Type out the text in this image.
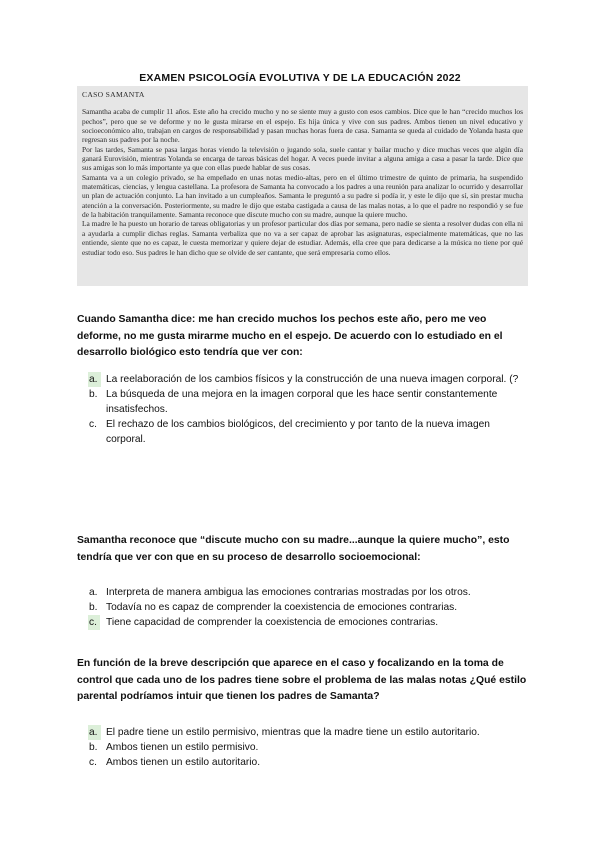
EXAMEN PSICOLOGÍA EVOLUTIVA Y DE LA EDUCACIÓN 2022
CASO SAMANTA

Samantha acaba de cumplir 11 años. Este año ha crecido mucho y no se siente muy a gusto con esos cambios. Dice que le han “crecido muchos los pechos”, pero que se ve deforme y no le gusta mirarse en el espejo. Es hija única y vive con sus padres. Ambos tienen un nivel educativo y socioeconómico alto, trabajan en cargos de responsabilidad y pasan muchas horas fuera de casa. Samanta se queda al cuidado de Yolanda hasta que regresan sus padres por la noche.

Por las tardes, Samanta se pasa largas horas viendo la televisión o jugando sola, suele cantar y bailar mucho y dice muchas veces que algún día ganará Eurovisión, mientras Yolanda se encarga de tareas básicas del hogar. A veces puede invitar a alguna amiga a casa a pasar la tarde. Dice que sus amigas son lo más importante ya que con ellas puede hablar de sus cosas.

Samanta va a un colegio privado, se ha empeñado en unas notas medio-altas, pero en el último trimestre de quinto de primaria, ha suspendido matemáticas, ciencias, y lengua castellana. La profesora de Samanta ha convocado a los padres a una reunión para analizar lo ocurrido y desarrollar un plan de actuación conjunto. La han invitado a un cumpleaños. Samanta le preguntó a su padre si podía ir, y este le dijo que sí, sin prestar mucha atención a la conversación. Posteriormente, su madre le dijo que estaba castigada a causa de las malas notas, a lo que el padre no respondió y se fue de la habitación tranquilamente. Samanta reconoce que discute mucho con su madre, aunque la quiere mucho.

La madre le ha puesto un horario de tareas obligatorias y un profesor particular dos días por semana, pero nadie se sienta a resolver dudas con ella ni a ayudarla a cumplir dichas reglas. Samanta verbaliza que no va a ser capaz de aprobar las asignaturas, especialmente matemáticas, que no las entiende, siente que no es capaz, le cuesta memorizar y quiere dejar de estudiar. Además, ella cree que para dedicarse a la música no tiene por qué estudiar todo eso. Sus padres le han dicho que se olvide de ser cantante, que será empresaria como ellos.

Cuando Samantha dice: me han crecido muchos los pechos este año, pero me veo deforme, no me gusta mirarme mucho en el espejo. De acuerdo con lo estudiado en el desarrollo biológico esto tendría que ver con:
a. La reelaboración de los cambios físicos y la construcción de una nueva imagen corporal. (?
b. La búsqueda de una mejora en la imagen corporal que les hace sentir constantemente insatisfechos.
c. El rechazo de los cambios biológicos, del crecimiento y por tanto de la nueva imagen corporal.
Samantha reconoce que “discute mucho con su madre...aunque la quiere mucho”, esto tendría que ver con que en su proceso de desarrollo socioemocional:
a. Interpreta de manera ambigua las emociones contrarias mostradas por los otros.
b. Todavía no es capaz de comprender la coexistencia de emociones contrarias.
c. Tiene capacidad de comprender la coexistencia de emociones contrarias.
En función de la breve descripción que aparece en el caso y focalizando en la toma de control que cada uno de los padres tiene sobre el problema de las malas notas ¿Qué estilo parental podríamos intuir que tienen los padres de Samanta?
a. El padre tiene un estilo permisivo, mientras que la madre tiene un estilo autoritario.
b. Ambos tienen un estilo permisivo.
c. Ambos tienen un estilo autoritario.
